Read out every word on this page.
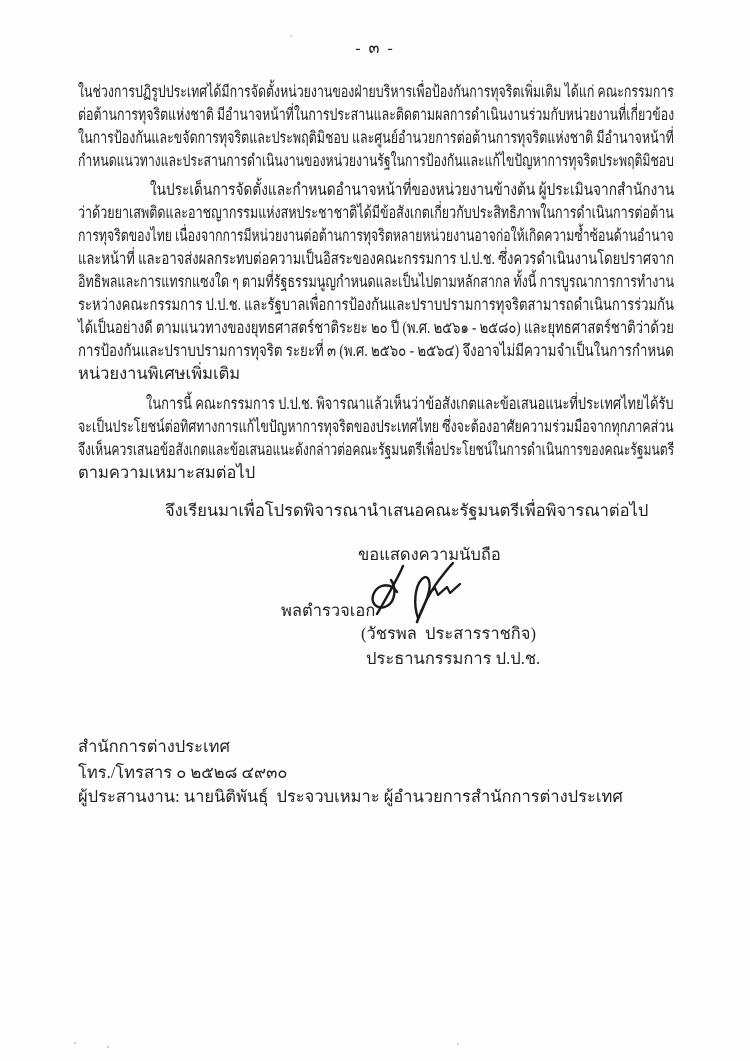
- ๓ -
ในช่วงการปฏิรูปประเทศได้มีการจัดตั้งหน่วยงานของฝ่ายบริหารเพื่อป้องกันการทุจริตเพิ่มเติม ได้แก่ คณะกรรมการ
ต่อต้านการทุจริตแห่งชาติ มีอำนาจหน้าที่ในการประสานและติดตามผลการดำเนินงานร่วมกับหน่วยงานที่เกี่ยวข้อง
ในการป้องกันและขจัดการทุจริตและประพฤติมิชอบ และศูนย์อำนวยการต่อต้านการทุจริตแห่งชาติ มีอำนาจหน้าที่
กำหนดแนวทางและประสานการดำเนินงานของหน่วยงานรัฐในการป้องกันและแก้ไขปัญหาการทุจริตประพฤติมิชอบ
ในประเด็นการจัดตั้งและกำหนดอำนาจหน้าที่ของหน่วยงานข้างต้น ผู้ประเมินจากสำนักงาน
ว่าด้วยยาเสพติดและอาชญากรรมแห่งสหประชาชาติได้มีข้อสังเกตเกี่ยวกับประสิทธิภาพในการดำเนินการต่อต้าน
การทุจริตของไทย เนื่องจากการมีหน่วยงานต่อต้านการทุจริตหลายหน่วยงานอาจก่อให้เกิดความซ้ำซ้อนด้านอำนาจ
และหน้าที่ และอาจส่งผลกระทบต่อความเป็นอิสระของคณะกรรมการ ป.ป.ช. ซึ่งควรดำเนินงานโดยปราศจาก
อิทธิพลและการแทรกแซงใด ๆ ตามที่รัฐธรรมนูญกำหนดและเป็นไปตามหลักสากล ทั้งนี้ การบูรณาการการทำงาน
ระหว่างคณะกรรมการ ป.ป.ช. และรัฐบาลเพื่อการป้องกันและปราบปรามการทุจริตสามารถดำเนินการร่วมกัน
ได้เป็นอย่างดี ตามแนวทางของยุทธศาสตร์ชาติระยะ ๒๐ ปี (พ.ศ. ๒๕๖๑ - ๒๕๘๐) และยุทธศาสตร์ชาติว่าด้วย
การป้องกันและปราบปรามการทุจริต ระยะที่ ๓ (พ.ศ. ๒๕๖๐ - ๒๕๖๔) จึงอาจไม่มีความจำเป็นในการกำหนด
หน่วยงานพิเศษเพิ่มเติม
ในการนี้ คณะกรรมการ ป.ป.ช. พิจารณาแล้วเห็นว่าข้อสังเกตและข้อเสนอแนะที่ประเทศไทยได้รับ
จะเป็นประโยชน์ต่อทิศทางการแก้ไขปัญหาการทุจริตของประเทศไทย ซึ่งจะต้องอาศัยความร่วมมือจากทุกภาคส่วน
จึงเห็นควรเสนอข้อสังเกตและข้อเสนอแนะดังกล่าวต่อคณะรัฐมนตรีเพื่อประโยชน์ในการดำเนินการของคณะรัฐมนตรี
ตามความเหมาะสมต่อไป
จึงเรียนมาเพื่อโปรดพิจารณานำเสนอคณะรัฐมนตรีเพื่อพิจารณาต่อไป
ขอแสดงความนับถือ
พลตำรวจเอก
(วัชรพล  ประสารราชกิจ)
ประธานกรรมการ ป.ป.ช.
สำนักการต่างประเทศ
โทร./โทรสาร ๐ ๒๕๒๘ ๔๙๓๐
ผู้ประสานงาน: นายนิติพันธุ์  ประจวบเหมาะ ผู้อำนวยการสำนักการต่างประเทศ
